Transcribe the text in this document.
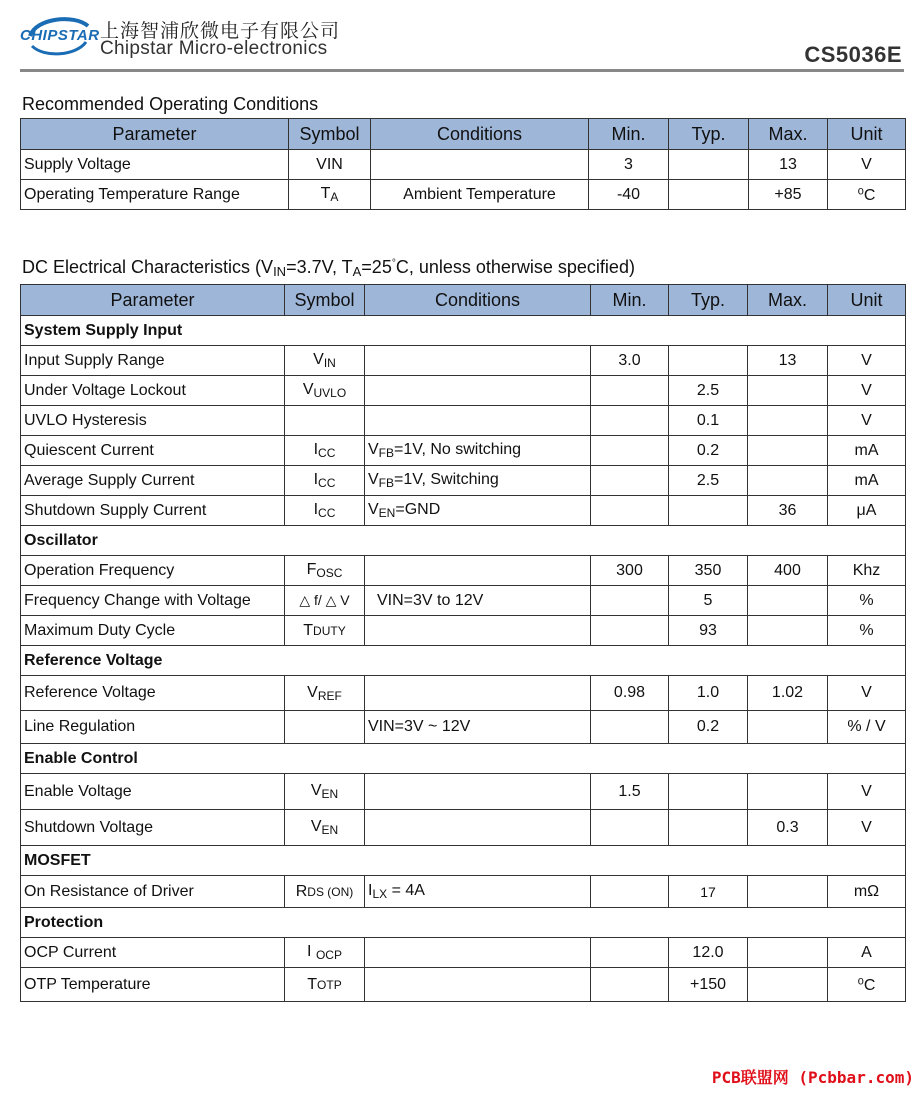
CHIPSTAR 上海智浦欣微电子有限公司
Chipstar Micro-electronics	CS5036E
Recommended Operating Conditions
Parameter	Symbol	Conditions	Min.	Typ.	Max.	Unit
Supply Voltage	VIN		3		13	V
Operating Temperature Range	$T_A$	Ambient Temperature	-40		+85	⁰C
DC Electrical Characteristics ($V_{IN}=3.7V$, $T_A=25^\circ C$, unless otherwise specified)
Parameter	Symbol	Conditions	Min.	Typ.	Max.	Unit
System Supply Input						
Input Supply Range	$V_{IN}$		3.0		13	V
Under Voltage Lockout	$V_{UVLO}$			2.5		V
UVLO Hysteresis				0.1		V
Quiescent Current	$I_{CC}$	$V_{FB}=1V$, No switching		0.2		mA
Average Supply Current	$I_{CC}$	$V_{FB}=1V$, Switching		2.5		mA
Shutdown Supply Current	$I_{CC}$	$V_{EN}=GND$			36	μA
Oscillator						
Operation Frequency	$F_{OSC}$		300	350	400	Khz
Frequency Change with Voltage	△ f/ △ V	VIN=3V to 12V		5		%
Maximum Duty Cycle	TDUTY			93		%
Reference Voltage						
Reference Voltage	$V_{REF}$		0.98	1.0	1.02	V
Line Regulation		VIN=3V ~ 12V		0.2		% / V
Enable Control						
Enable Voltage	$V_{EN}$		1.5			V
Shutdown Voltage	$V_{EN}$				0.3	V
MOSFET						
On Resistance of Driver	RDS (ON)	$I_{LX} = 4A$		17		mΩ
Protection						
OCP Current	I $_{OCP}$			12.0		A
OTP Temperature	TOTP			+150		⁰C
PCB联盟网 (Pcbbar.com)
